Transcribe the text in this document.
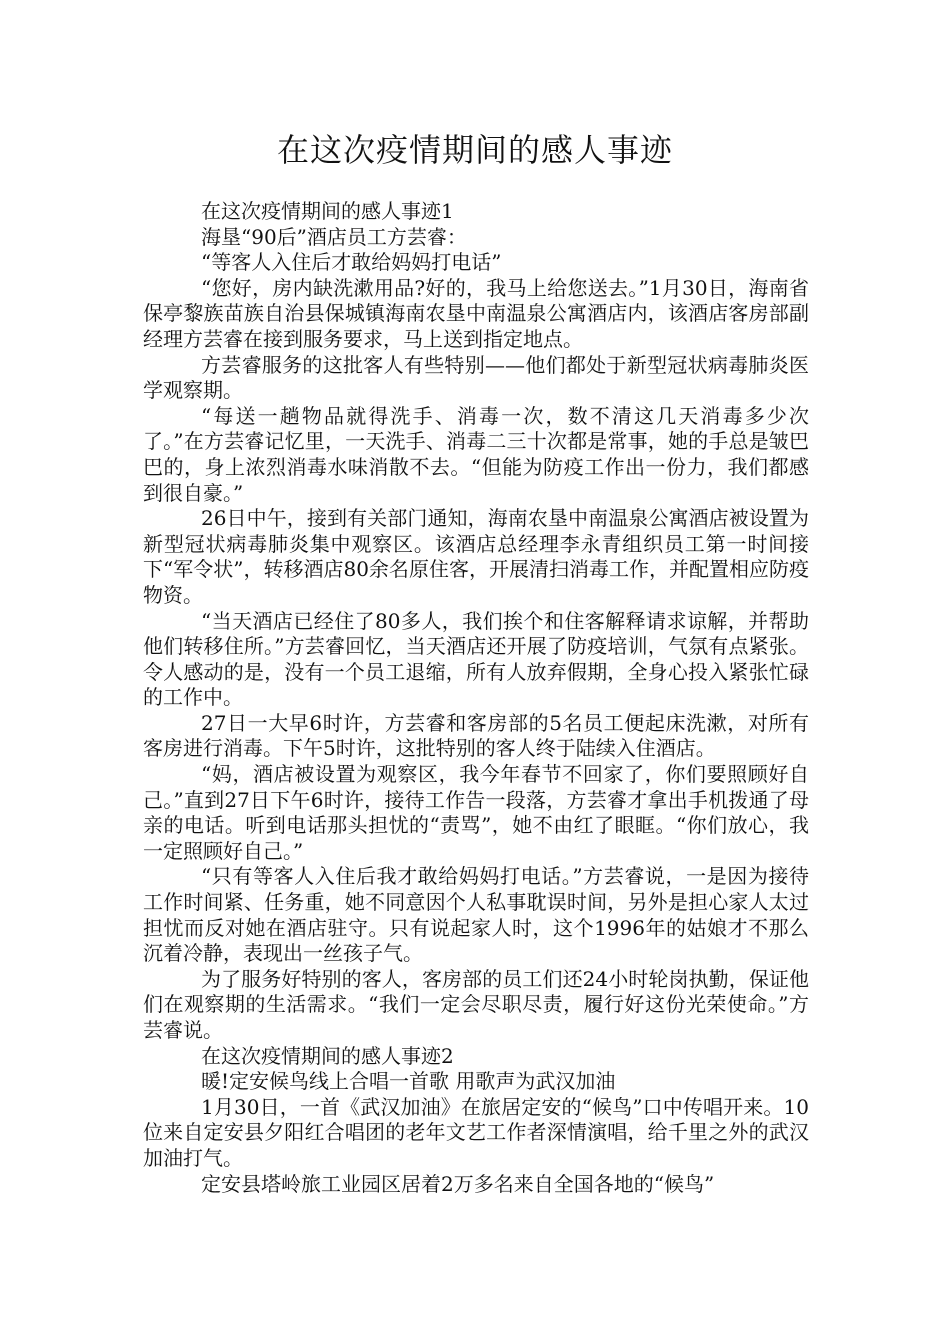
在这次疫情期间的感人事迹

在这次疫情期间的感人事迹1

海垦“90后”酒店员工方芸睿：

“等客人入住后才敢给妈妈打电话”

“您好，房内缺洗漱用品?好的，我马上给您送去。”1月30日，海南省保亭黎族苗族自治县保城镇海南农垦中南温泉公寓酒店内，该酒店客房部副经理方芸睿在接到服务要求，马上送到指定地点。

方芸睿服务的这批客人有些特别——他们都处于新型冠状病毒肺炎医学观察期。

“每送一趟物品就得洗手、消毒一次，数不清这几天消毒多少次了。”在方芸睿记忆里，一天洗手、消毒二三十次都是常事，她的手总是皱巴巴的，身上浓烈消毒水味消散不去。“但能为防疫工作出一份力，我们都感到很自豪。”

26日中午，接到有关部门通知，海南农垦中南温泉公寓酒店被设置为新型冠状病毒肺炎集中观察区。该酒店总经理李永青组织员工第一时间接下“军令状”，转移酒店80余名原住客，开展清扫消毒工作，并配置相应防疫物资。

“当天酒店已经住了80多人，我们挨个和住客解释请求谅解，并帮助他们转移住所。”方芸睿回忆，当天酒店还开展了防疫培训，气氛有点紧张。令人感动的是，没有一个员工退缩，所有人放弃假期，全身心投入紧张忙碌的工作中。

27日一大早6时许，方芸睿和客房部的5名员工便起床洗漱，对所有客房进行消毒。下午5时许，这批特别的客人终于陆续入住酒店。

“妈，酒店被设置为观察区，我今年春节不回家了，你们要照顾好自己。”直到27日下午6时许，接待工作告一段落，方芸睿才拿出手机拨通了母亲的电话。听到电话那头担忧的“责骂”，她不由红了眼眶。“你们放心，我一定照顾好自己。”

“只有等客人入住后我才敢给妈妈打电话。”方芸睿说，一是因为接待工作时间紧、任务重，她不同意因个人私事耽误时间，另外是担心家人太过担忧而反对她在酒店驻守。只有说起家人时，这个1996年的姑娘才不那么沉着冷静，表现出一丝孩子气。

为了服务好特别的客人，客房部的员工们还24小时轮岗执勤，保证他们在观察期的生活需求。“我们一定会尽职尽责，履行好这份光荣使命。”方芸睿说。

在这次疫情期间的感人事迹2

暖!定安候鸟线上合唱一首歌 用歌声为武汉加油

1月30日，一首《武汉加油》在旅居定安的“候鸟”口中传唱开来。10位来自定安县夕阳红合唱团的老年文艺工作者深情演唱，给千里之外的武汉加油打气。

定安县塔岭旅工业园区居着2万多名来自全国各地的“候鸟”
